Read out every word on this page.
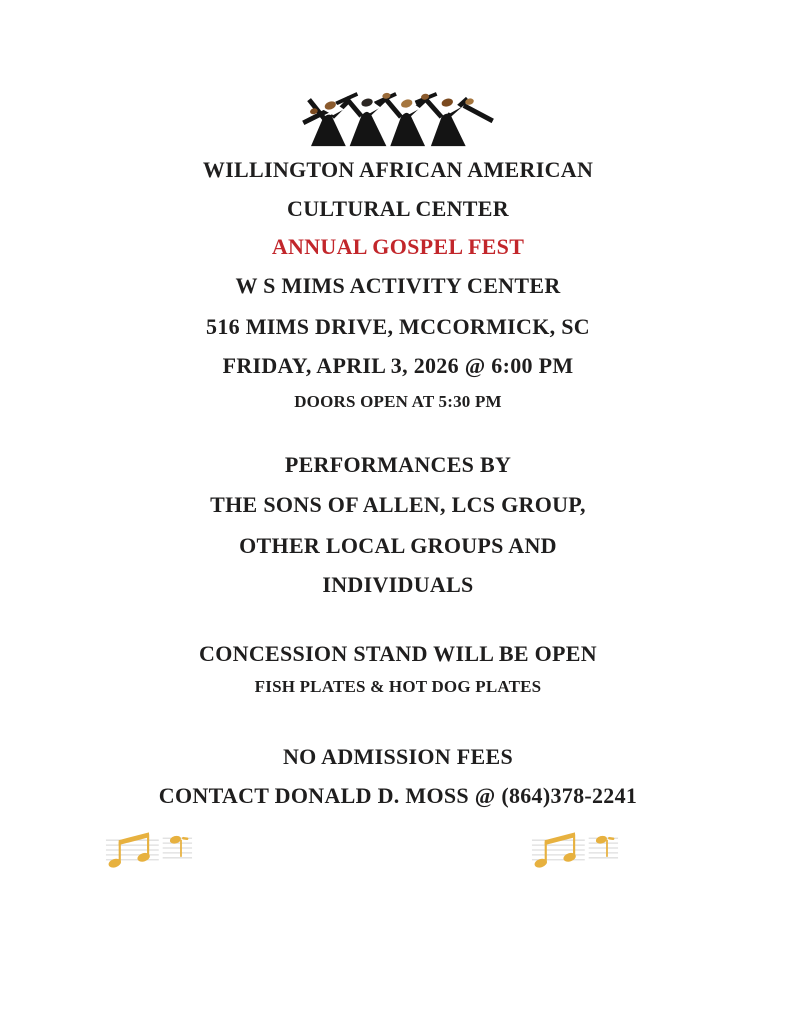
WILLINGTON AFRICAN AMERICAN
CULTURAL CENTER
ANNUAL GOSPEL FEST
W S MIMS ACTIVITY CENTER
516 MIMS DRIVE, MCCORMICK, SC
FRIDAY, APRIL 3, 2026 @ 6:00 PM
DOORS OPEN AT 5:30 PM
PERFORMANCES BY
THE SONS OF ALLEN, LCS GROUP,
OTHER LOCAL GROUPS AND
INDIVIDUALS
CONCESSION STAND WILL BE OPEN
FISH PLATES & HOT DOG PLATES
NO ADMISSION FEES
CONTACT DONALD D. MOSS @ (864)378-2241
